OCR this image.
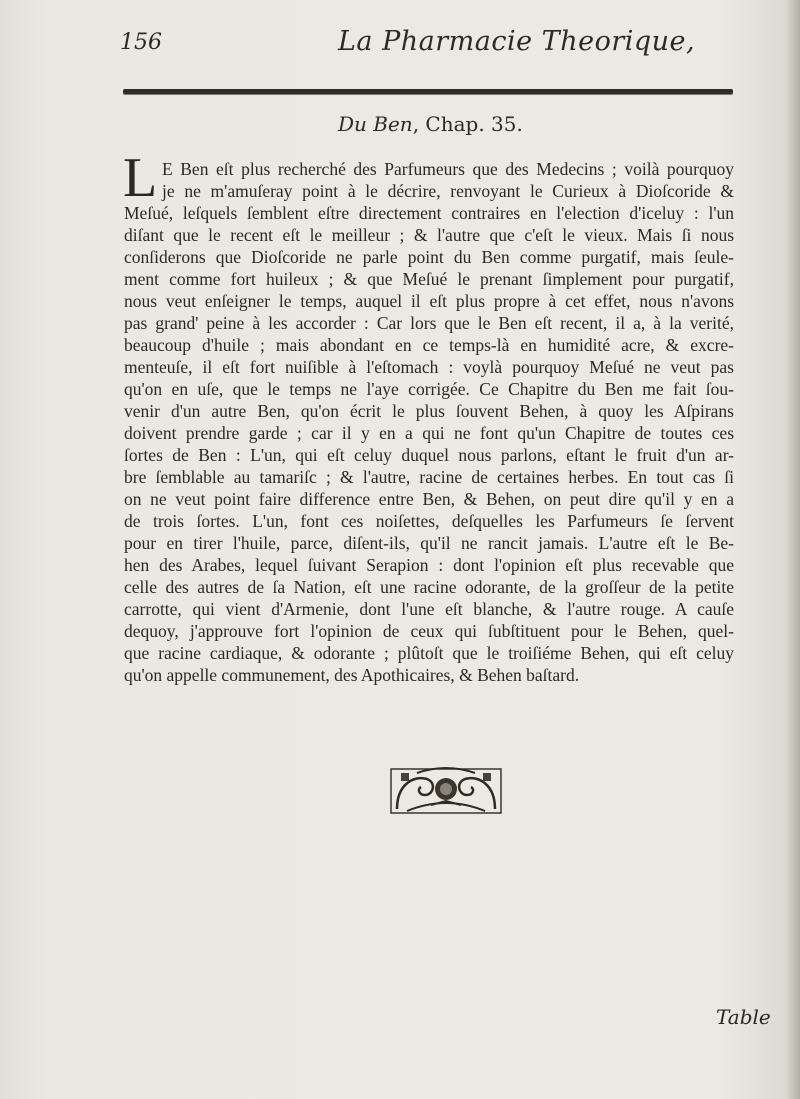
156	La Pharmacie Theorique,
Du Ben, Chap. 35.
L E Ben eſt plus recherché des Parfumeurs que des Medecins ; voilà pourquoy
je ne m'amuſeray point à le décrire, renvoyant le Curieux à Dioſcoride &
Meſué, leſquels ſemblent eſtre directement contraires en l'election d'iceluy : l'un
diſant que le recent eſt le meilleur ; & l'autre que c'eſt le vieux. Mais ſi nous
conſiderons que Dioſcoride ne parle point du Ben comme purgatif, mais ſeule-
ment comme fort huileux ; & que Meſué le prenant ſimplement pour purgatif,
nous veut enſeigner le temps, auquel il eſt plus propre à cet effet, nous n'avons
pas grand' peine à les accorder : Car lors que le Ben eſt recent, il a, à la verité,
beaucoup d'huile ; mais abondant en ce temps-là en humidité acre, & excre-
menteuſe, il eſt fort nuiſible à l'eſtomach : voylà pourquoy Meſué ne veut pas
qu'on en uſe, que le temps ne l'aye corrigée. Ce Chapitre du Ben me fait ſou-
venir d'un autre Ben, qu'on écrit le plus ſouvent Behen, à quoy les Aſpirans
doivent prendre garde ; car il y en a qui ne font qu'un Chapitre de toutes ces
ſortes de Ben : L'un, qui eſt celuy duquel nous parlons, eſtant le fruit d'un ar-
bre ſemblable au tamariſc ; & l'autre, racine de certaines herbes. En tout cas ſi
on ne veut point faire difference entre Ben, & Behen, on peut dire qu'il y en a
de trois ſortes. L'un, font ces noiſettes, deſquelles les Parfumeurs ſe ſervent
pour en tirer l'huile, parce, diſent-ils, qu'il ne rancit jamais. L'autre eſt le Be-
hen des Arabes, lequel ſuivant Serapion : dont l'opinion eſt plus recevable que
celle des autres de ſa Nation, eſt une racine odorante, de la groſſeur de la petite
carrotte, qui vient d'Armenie, dont l'une eſt blanche, & l'autre rouge. A cauſe
dequoy, j'approuve fort l'opinion de ceux qui ſubſtituent pour le Behen, quel-
que racine cardiaque, & odorante ; plûtoſt que le troiſiéme Behen, qui eſt celuy
qu'on appelle communement, des Apothicaires, & Behen baſtard.
Table
